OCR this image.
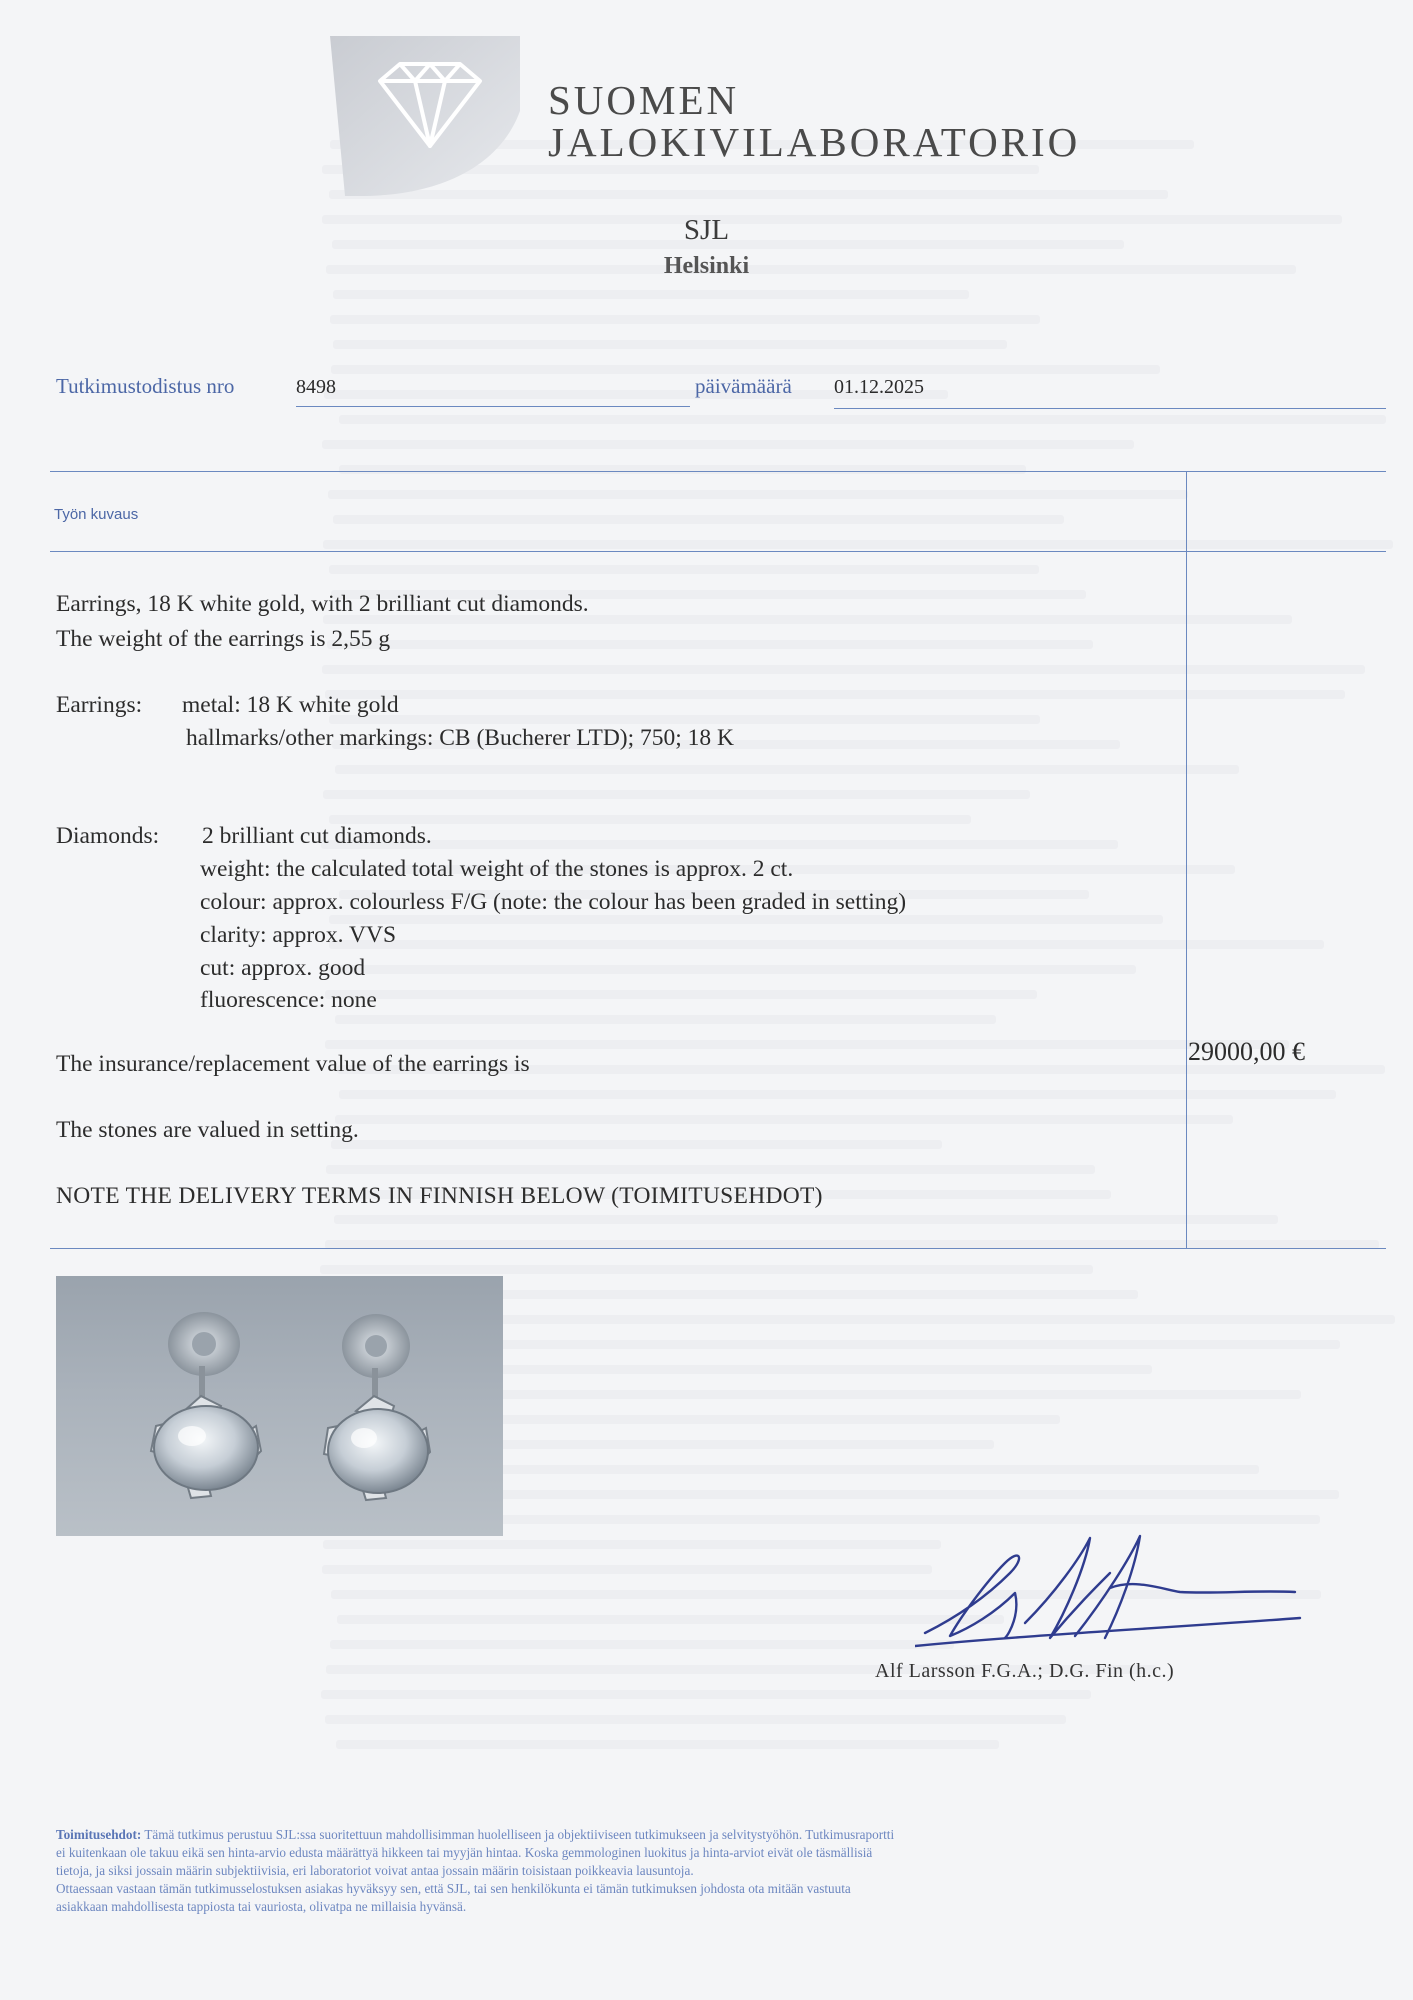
SUOMEN
JALOKIVILABORATORIO
SJL
Helsinki
Tutkimustodistus nro	8498	päivämäärä 01.12.2025
Työn kuvaus
Earrings, 18 K white gold, with 2 brilliant cut diamonds.
The weight of the earrings is 2,55 g
Earrings: metal: 18 K white gold
hallmarks/other markings: CB (Bucherer LTD); 750; 18 K
Diamonds: 2 brilliant cut diamonds.
weight: the calculated total weight of the stones is approx. 2 ct.
colour: approx. colourless F/G (note: the colour has been graded in setting)
clarity: approx. VVS
cut: approx. good
fluorescence: none
The insurance/replacement value of the earrings is	29000,00 €
The stones are valued in setting.
NOTE THE DELIVERY TERMS IN FINNISH BELOW (TOIMITUSEHDOT)
Alf Larsson F.G.A.; D.G. Fin (h.c.)
Toimitusehdot: Tämä tutkimus perustuu SJL:ssa suoritettuun mahdollisimman huolelliseen ja objektiiviseen tutkimukseen ja selvitystyöhön. Tutkimusraportti
ei kuitenkaan ole takuu eikä sen hinta-arvio edusta määrättyä hikkeen tai myyjän hintaa. Koska gemmologinen luokitus ja hinta-arviot eivät ole täsmällisiä
tietoja, ja siksi jossain määrin subjektiivisia, eri laboratoriot voivat antaa jossain määrin toisistaan poikkeavia lausuntoja.
Ottaessaan vastaan tämän tutkimusselostuksen asiakas hyväksyy sen, että SJL, tai sen henkilökunta ei tämän tutkimuksen johdosta ota mitään vastuuta
asiakkaan mahdollisesta tappiosta tai vauriosta, olivatpa ne millaisia hyvänsä.
